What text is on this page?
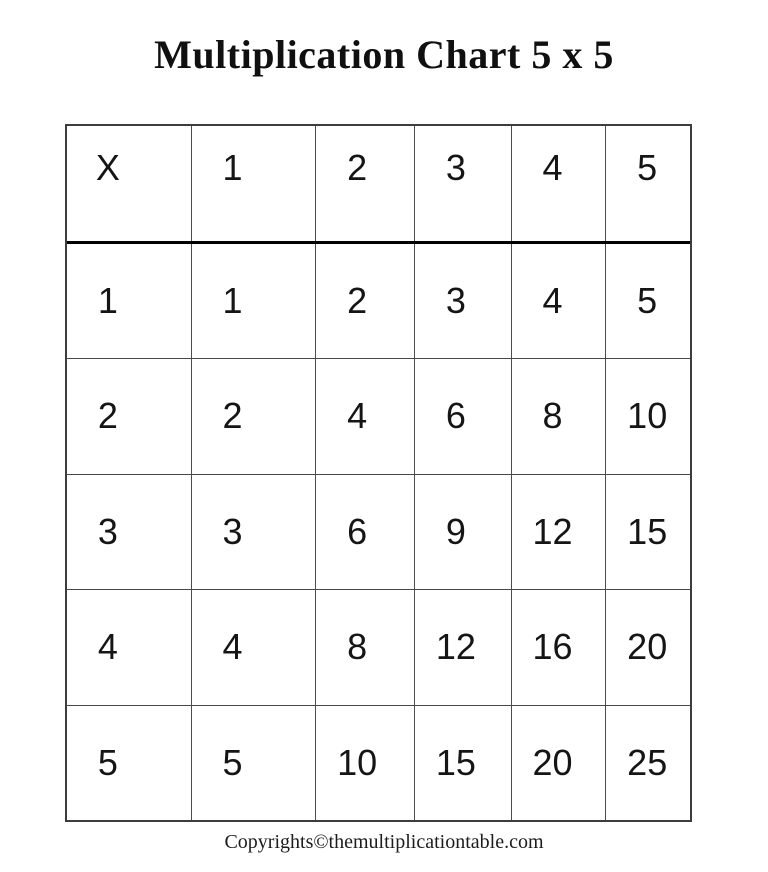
Multiplication Chart 5 x 5
X	1	2	3	4	5
1	1	2	3	4	5
2	2	4	6	8	10
3	3	6	9	12	15
4	4	8	12	16	20
5	5	10	15	20	25
Copyrights©themultiplicationtable.com
